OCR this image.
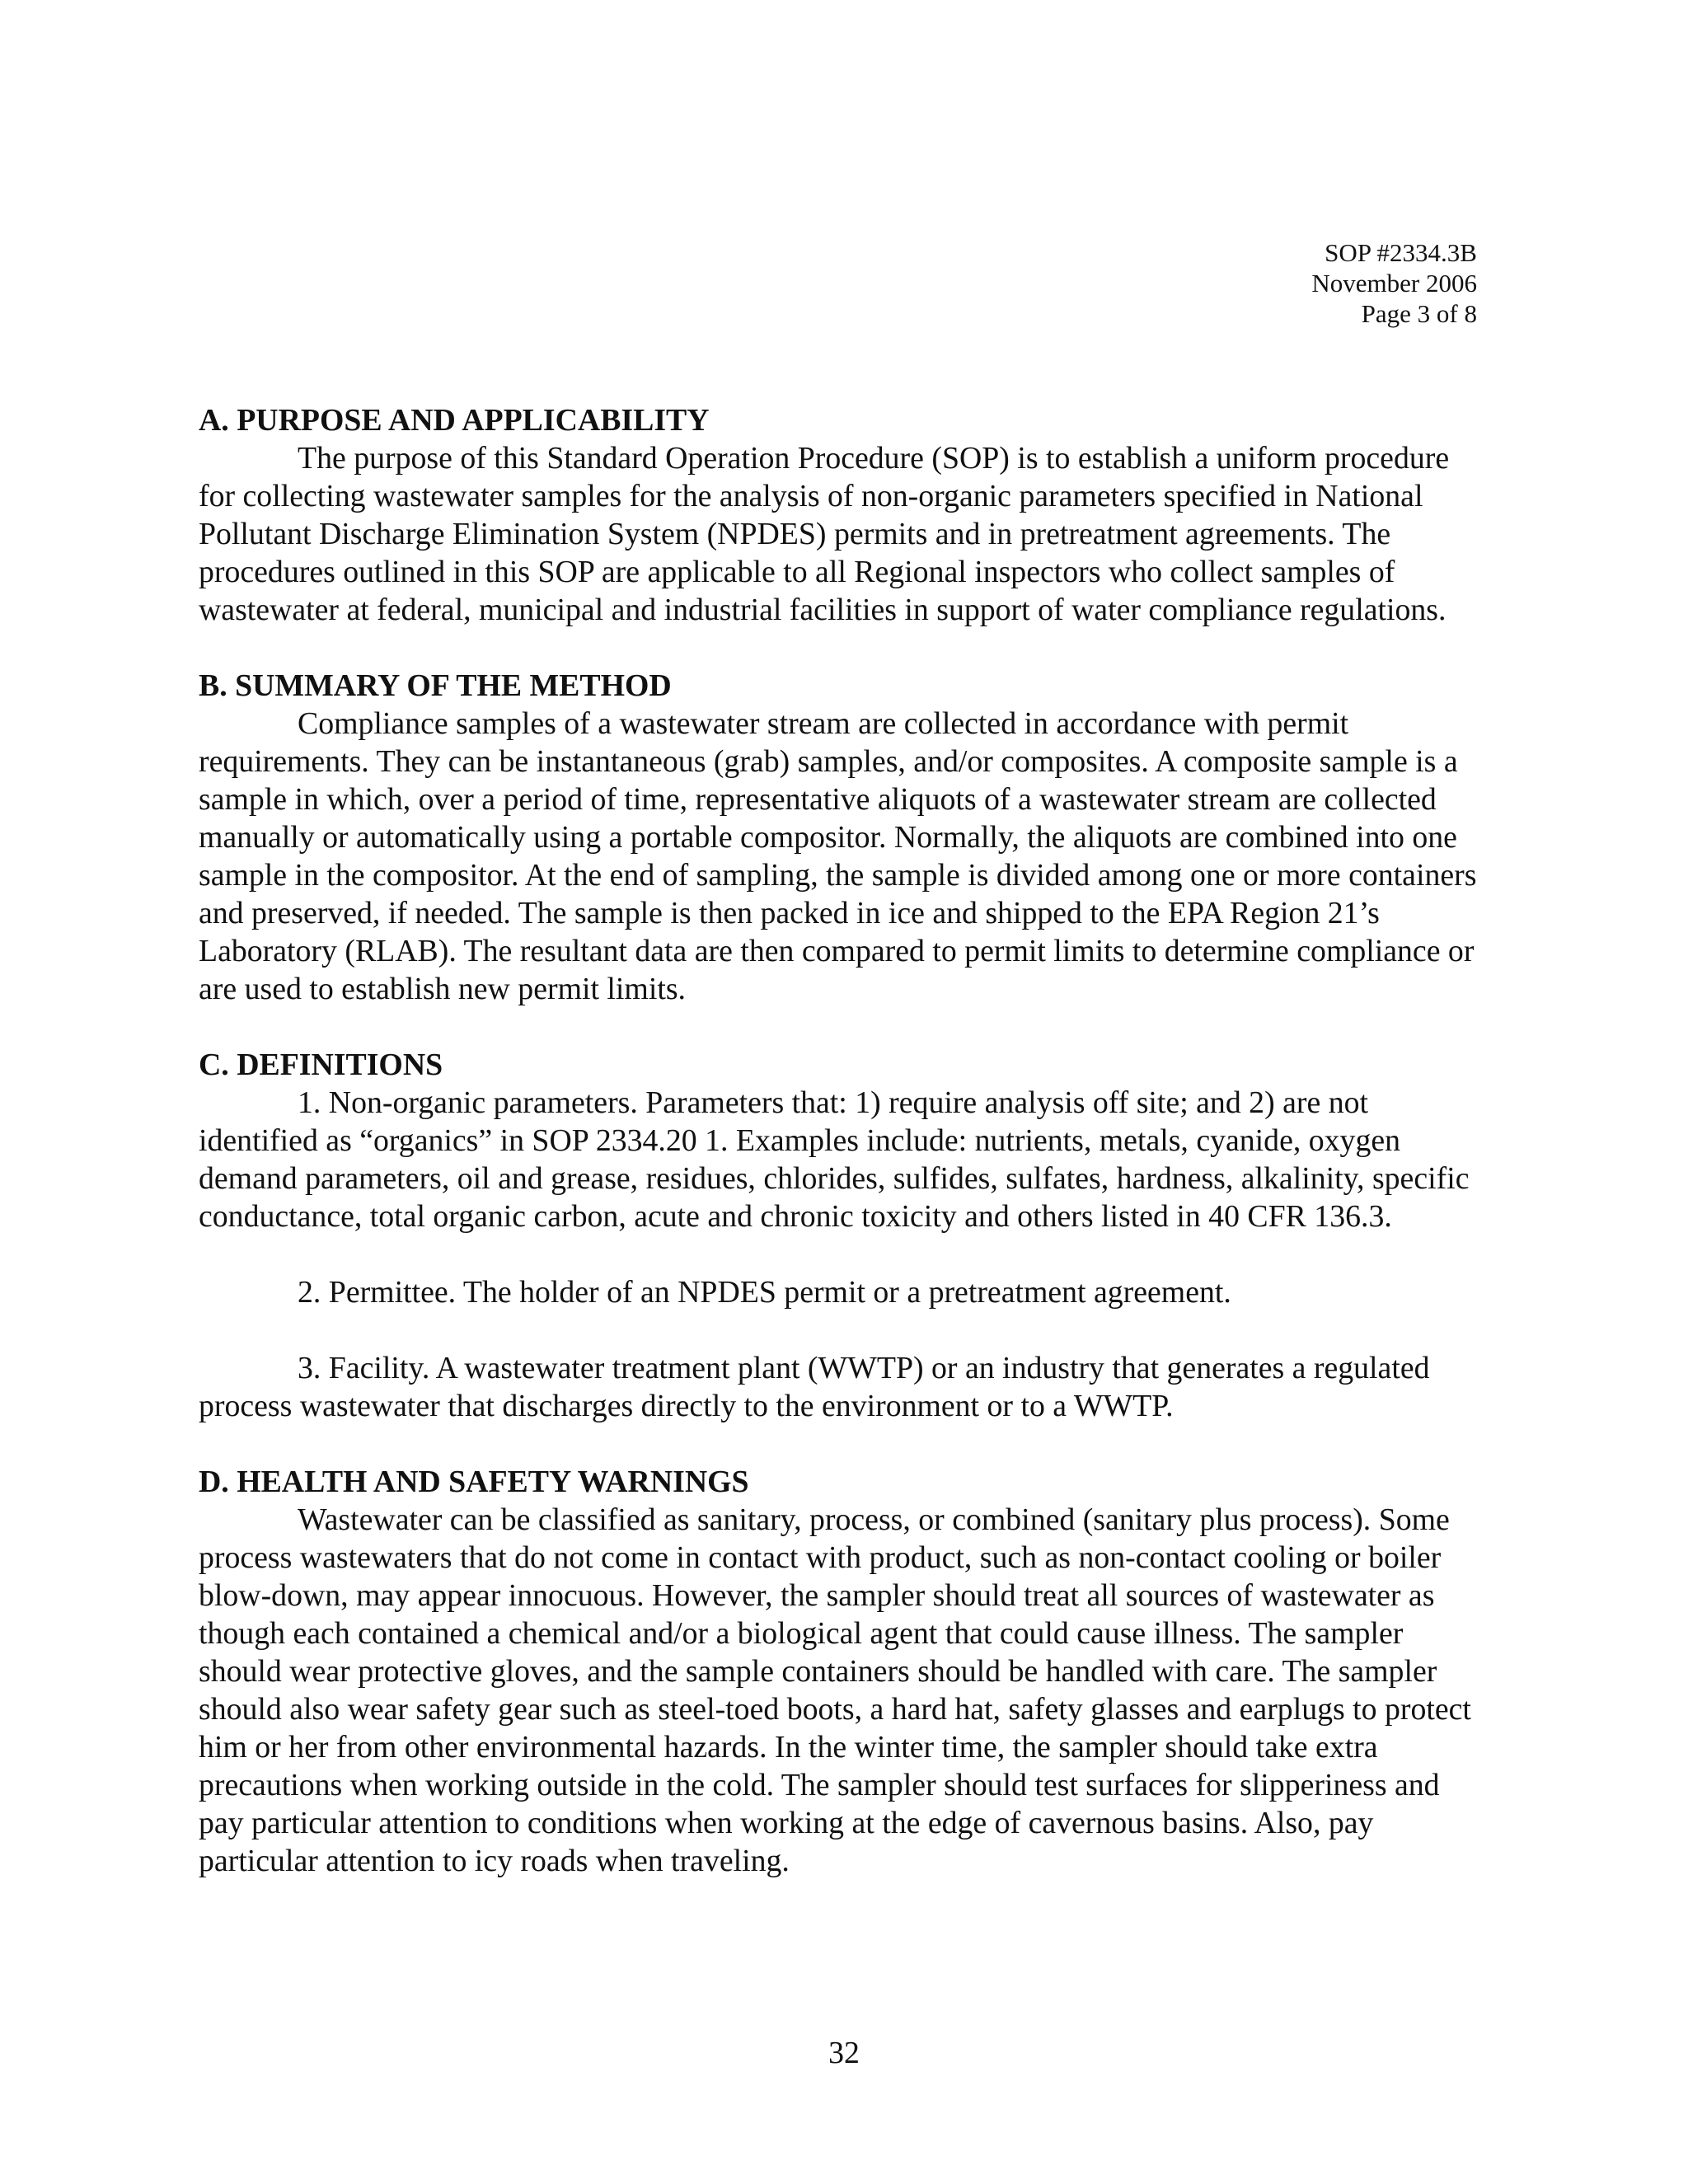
SOP #2334.3B
November 2006
Page 3 of 8
A. PURPOSE AND APPLICABILITY

The purpose of this Standard Operation Procedure (SOP) is to establish a uniform procedure for collecting wastewater samples for the analysis of non-organic parameters specified in National Pollutant Discharge Elimination System (NPDES) permits and in pretreatment agreements. The procedures outlined in this SOP are applicable to all Regional inspectors who collect samples of wastewater at federal, municipal and industrial facilities in support of water compliance regulations.

B. SUMMARY OF THE METHOD

Compliance samples of a wastewater stream are collected in accordance with permit requirements. They can be instantaneous (grab) samples, and/or composites. A composite sample is a sample in which, over a period of time, representative aliquots of a wastewater stream are collected manually or automatically using a portable compositor. Normally, the aliquots are combined into one sample in the compositor. At the end of sampling, the sample is divided among one or more containers and preserved, if needed. The sample is then packed in ice and shipped to the EPA Region 21’s Laboratory (RLAB). The resultant data are then compared to permit limits to determine compliance or are used to establish new permit limits.

C. DEFINITIONS

1. Non-organic parameters. Parameters that: 1) require analysis off site; and 2) are not identified as “organics” in SOP 2334.20 1. Examples include: nutrients, metals, cyanide, oxygen demand parameters, oil and grease, residues, chlorides, sulfides, sulfates, hardness, alkalinity, specific conductance, total organic carbon, acute and chronic toxicity and others listed in 40 CFR 136.3.

2. Permittee. The holder of an NPDES permit or a pretreatment agreement.

3. Facility. A wastewater treatment plant (WWTP) or an industry that generates a regulated process wastewater that discharges directly to the environment or to a WWTP.

D. HEALTH AND SAFETY WARNINGS

Wastewater can be classified as sanitary, process, or combined (sanitary plus process). Some process wastewaters that do not come in contact with product, such as non-contact cooling or boiler blow-down, may appear innocuous. However, the sampler should treat all sources of wastewater as though each contained a chemical and/or a biological agent that could cause illness. The sampler should wear protective gloves, and the sample containers should be handled with care. The sampler should also wear safety gear such as steel-toed boots, a hard hat, safety glasses and earplugs to protect him or her from other environmental hazards. In the winter time, the sampler should take extra precautions when working outside in the cold. The sampler should test surfaces for slipperiness and pay particular attention to conditions when working at the edge of cavernous basins. Also, pay particular attention to icy roads when traveling.

32
